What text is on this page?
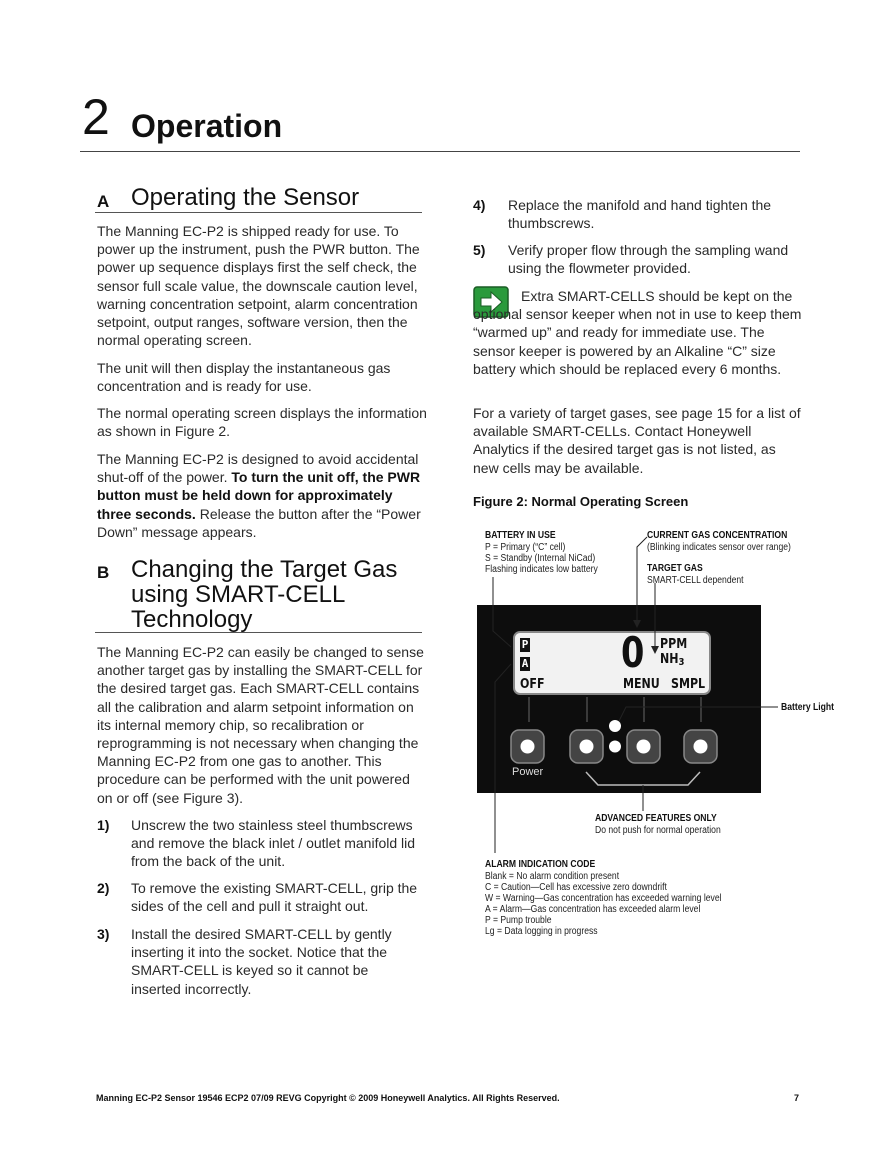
2 Operation
A Operating the Sensor
The Manning EC-P2 is shipped ready for use. To power up the instrument, push the PWR button. The power up sequence displays first the self check, the sensor full scale value, the downscale caution level, warning concentration setpoint, alarm concentration setpoint, output ranges, software version, then the normal operating screen.
The unit will then display the instantaneous gas concentration and is ready for use.
The normal operating screen displays the information as shown in Figure 2.
The Manning EC-P2 is designed to avoid accidental shut-off of the power. To turn the unit off, the PWR button must be held down for approximately three seconds. Release the button after the “Power Down” message appears.
B Changing the Target Gas
using SMART-CELL
Technology
The Manning EC-P2 can easily be changed to sense another target gas by installing the SMART-CELL for the desired target gas. Each SMART-CELL contains all the calibration and alarm setpoint information on its internal memory chip, so recalibration or reprogramming is not necessary when changing the Manning EC-P2 from one gas to another. This procedure can be performed with the unit powered on or off (see Figure 3).
1) Unscrew the two stainless steel thumbscrews and remove the black inlet / outlet manifold lid from the back of the unit.
2) To remove the existing SMART-CELL, grip the sides of the cell and pull it straight out.
3) Install the desired SMART-CELL by gently inserting it into the socket. Notice that the SMART-CELL is keyed so it cannot be inserted incorrectly.
4) Replace the manifold and hand tighten the thumbscrews.
5) Verify proper flow through the sampling wand using the flowmeter provided.
Extra SMART-CELLS should be kept on the optional sensor keeper when not in use to keep them “warmed up” and ready for immediate use. The sensor keeper is powered by an Alkaline “C” size battery which should be replaced every 6 months.
For a variety of target gases, see page 15 for a list of available SMART-CELLs. Contact Honeywell Analytics if the desired target gas is not listed, as new cells may be available.
Figure 2: Normal Operating Screen
P
A 0 PPM
NH3
OFF	MENU SMPL
Power
BATTERY IN USE
P = Primary (“C” cell)
S = Standby (Internal NiCad)
Flashing indicates low battery
CURRENT GAS CONCENTRATION
(Blinking indicates sensor over range)
TARGET GAS
SMART-CELL dependent
Battery Light
ADVANCED FEATURES ONLY
Do not push for normal operation
ALARM INDICATION CODE
Blank = No alarm condition present
C = Caution—Cell has excessive zero downdrift
W = Warning—Gas concentration has exceeded warning level
A = Alarm—Gas concentration has exceeded alarm level
P = Pump trouble
Lg = Data logging in progress
Manning EC-P2 Sensor 19546 ECP2 07/09 REVG Copyright © 2009 Honeywell Analytics. All Rights Reserved.	7
